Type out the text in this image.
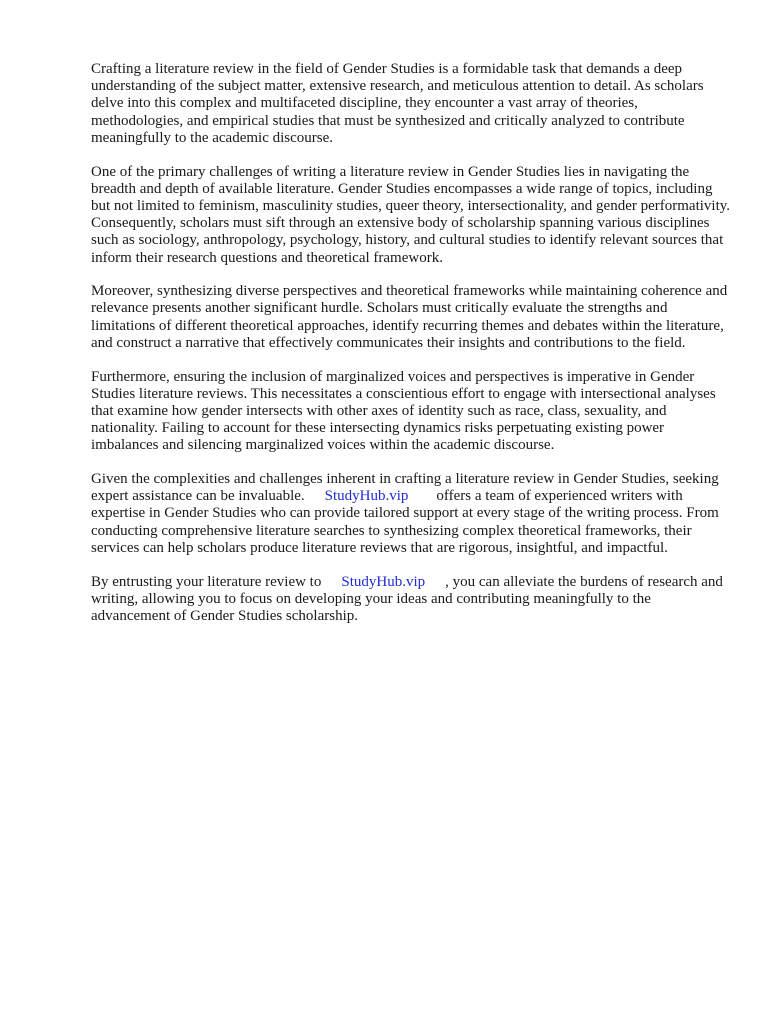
Crafting a literature review in the field of Gender Studies is a formidable task that demands a deep understanding of the subject matter, extensive research, and meticulous attention to detail. As scholars delve into this complex and multifaceted discipline, they encounter a vast array of theories, methodologies, and empirical studies that must be synthesized and critically analyzed to contribute meaningfully to the academic discourse.

One of the primary challenges of writing a literature review in Gender Studies lies in navigating the breadth and depth of available literature. Gender Studies encompasses a wide range of topics, including but not limited to feminism, masculinity studies, queer theory, intersectionality, and gender performativity. Consequently, scholars must sift through an extensive body of scholarship spanning various disciplines such as sociology, anthropology, psychology, history, and cultural studies to identify relevant sources that inform their research questions and theoretical framework.

Moreover, synthesizing diverse perspectives and theoretical frameworks while maintaining coherence and relevance presents another significant hurdle. Scholars must critically evaluate the strengths and limitations of different theoretical approaches, identify recurring themes and debates within the literature, and construct a narrative that effectively communicates their insights and contributions to the field.

Furthermore, ensuring the inclusion of marginalized voices and perspectives is imperative in Gender Studies literature reviews. This necessitates a conscientious effort to engage with intersectional analyses that examine how gender intersects with other axes of identity such as race, class, sexuality, and nationality. Failing to account for these intersecting dynamics risks perpetuating existing power imbalances and silencing marginalized voices within the academic discourse.

Given the complexities and challenges inherent in crafting a literature review in Gender Studies, seeking expert assistance can be invaluable. StudyHub.vip offers a team of experienced writers with expertise in Gender Studies who can provide tailored support at every stage of the writing process. From conducting comprehensive literature searches to synthesizing complex theoretical frameworks, their services can help scholars produce literature reviews that are rigorous, insightful, and impactful.

By entrusting your literature review to StudyHub.vip , you can alleviate the burdens of research and writing, allowing you to focus on developing your ideas and contributing meaningfully to the advancement of Gender Studies scholarship.
